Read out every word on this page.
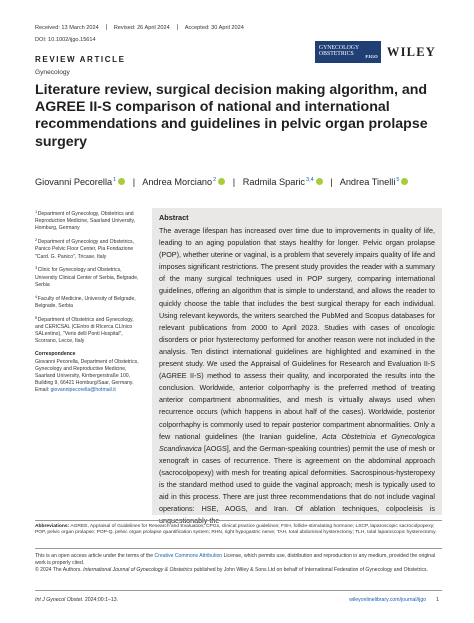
Received: 13 March 2024	Revised: 26 April 2024	Accepted: 30 April 2024
DOI: 10.1002/ijgo.15614
REVIEW ARTICLE
Gynecology
GYNECOLOGY
OBSTETRICS	FIGO WILEY
Literature review, surgical decision making algorithm, and AGREE II-S comparison of national and international recommendations and guidelines in pelvic organ prolapse surgery
Giovanni Pecorella$^1$ | Andrea Morciano$^2$ | Radmila Sparic$^{3,4}$ | Andrea Tinelli$^5$
$^1$Department of Gynecology, Obstetrics and Reproduction Medicine, Saarland University, Homburg, Germany
$^2$Department of Gynecology and Obstetrics, Panico Pelvic Floor Center, Pia Fondazione "Card. G. Panico", Tricase, Italy
$^3$Clinic for Gynecology and Obstetrics, University Clinical Center of Serbia, Belgrade, Serbia
$^4$Faculty of Medicine, University of Belgrade, Belgrade, Serbia
$^5$Department of Obstetrics and Gynecology, and CERICSAL (CEntro di RIcerca CLInico SALentino), "Veris delli Ponti Hospital", Scorrano, Lecce, Italy
Correspondence
Giovanni Pecorella, Department of Obstetrics, Gynecology and Reproductive Medicine, Saarland University, Kirrbergerstraße 100, Building 9, 66421 Homburg/Saar, Germany.
Email: giovannipecorella@hotmail.it
Abstract
The average lifespan has increased over time due to improvements in quality of life, leading to an aging population that stays healthy for longer. Pelvic organ prolapse (POP), whether uterine or vaginal, is a problem that severely impairs quality of life and imposes significant restrictions. The present study provides the reader with a summary of the many surgical techniques used in POP surgery, comparing international guidelines, offering an algorithm that is simple to understand, and allows the reader to quickly choose the table that includes the best surgical therapy for each individual. Using relevant keywords, the writers searched the PubMed and Scopus databases for relevant publications from 2000 to April 2023. Studies with cases of oncologic disorders or prior hysterectomy performed for another reason were not included in the analysis. Ten distinct international guidelines are highlighted and examined in the present study. We used the Appraisal of Guidelines for Research and Evaluation II-S (AGREE II-S) method to assess their quality, and incorporated the results into the conclusion. Worldwide, anterior colporrhaphy is the preferred method of treating anterior compartment abnormalities, and mesh is virtually always used when recurrence occurs (which happens in about half of the cases). Worldwide, posterior colporrhaphy is commonly used to repair posterior compartment abnormalities. Only a few national guidelines (the Iranian guideline, Acta Obstetricia et Gynecologica Scandinavica [AOGS], and the German-speaking countries) permit the use of mesh or xenograft in cases of recurrence. There is agreement on the abdominal approach (sacrocolpopexy) with mesh for treating apical deformities. Sacrospinous-hysteropexy is the standard method used to guide the vaginal approach; mesh is typically used to aid in this process. There are just three recommendations that do not include vaginal operations: HSE, AOGS, and Iran. Of ablation techniques, colpocleisis is unquestionably the
Abbreviations: AGREE, Appraisal of Guidelines for Research and Evaluation; CPGs, clinical practice guidelines; FSH, follicle-stimulating hormone; LSCP, laparoscopic sacrocolpopexy; POP, pelvic organ prolapse; POP-Q, pelvic organ prolapse quantification system; RHN, right hypogastric nerve; TAH, total abdominal hysterectomy; TLH, total laparoscopic hysterectomy.
This is an open access article under the terms of the Creative Commons Attribution License, which permits use, distribution and reproduction in any medium, provided the original work is properly cited.
© 2024 The Authors. International Journal of Gynecology & Obstetrics published by John Wiley & Sons Ltd on behalf of International Federation of Gynecology and Obstetrics.
Int J Gynecol Obstet. 2024;00:1–13.	wileyonlinelibrary.com/journal/ijgo 1
